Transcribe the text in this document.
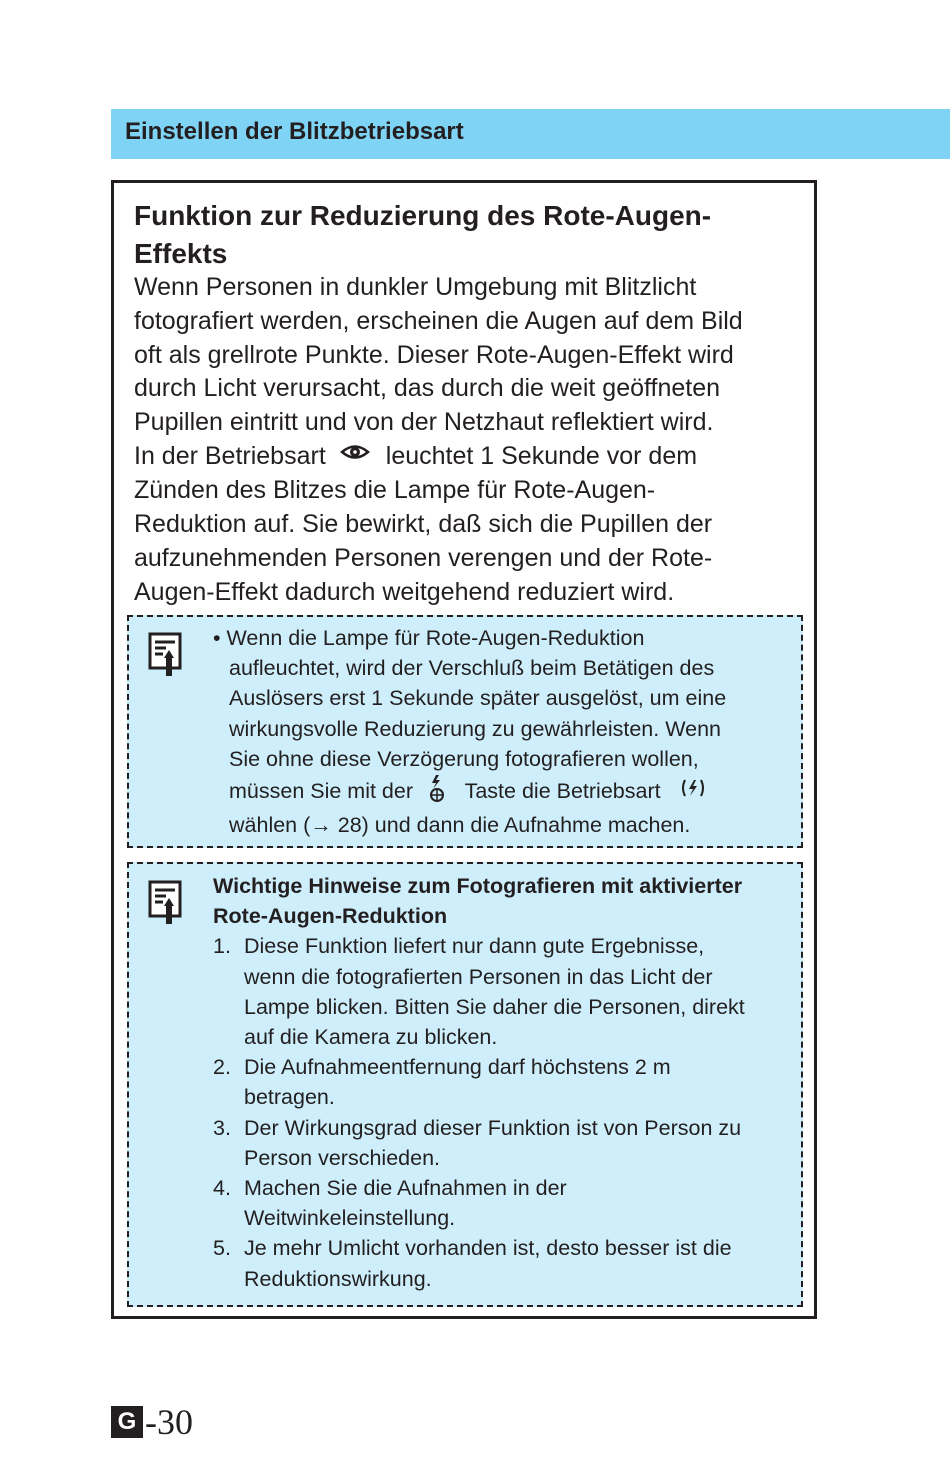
Einstellen der Blitzbetriebsart
Funktion zur Reduzierung des Rote-Augen-
Effekts
Wenn Personen in dunkler Umgebung mit Blitzlicht
fotografiert werden, erscheinen die Augen auf dem Bild
oft als grellrote Punkte. Dieser Rote-Augen-Effekt wird
durch Licht verursacht, das durch die weit geöffneten
Pupillen eintritt und von der Netzhaut reflektiert wird.
In der Betriebsart leuchtet 1 Sekunde vor dem
Zünden des Blitzes die Lampe für Rote-Augen-
Reduktion auf. Sie bewirkt, daß sich die Pupillen der
aufzunehmenden Personen verengen und der Rote-
Augen-Effekt dadurch weitgehend reduziert wird.
• Wenn die Lampe für Rote-Augen-Reduktion
aufleuchtet, wird der Verschluß beim Betätigen des
Auslösers erst 1 Sekunde später ausgelöst, um eine
wirkungsvolle Reduzierung zu gewährleisten. Wenn
Sie ohne diese Verzögerung fotografieren wollen,
müssen Sie mit der Taste die Betriebsart
wählen (→ 28) und dann die Aufnahme machen.
Wichtige Hinweise zum Fotografieren mit aktivierter
Rote-Augen-Reduktion
1. Diese Funktion liefert nur dann gute Ergebnisse,
wenn die fotografierten Personen in das Licht der
Lampe blicken. Bitten Sie daher die Personen, direkt
auf die Kamera zu blicken.
2. Die Aufnahmeentfernung darf höchstens 2 m
betragen.
3. Der Wirkungsgrad dieser Funktion ist von Person zu
Person verschieden.
4. Machen Sie die Aufnahmen in der
Weitwinkeleinstellung.
5. Je mehr Umlicht vorhanden ist, desto besser ist die
Reduktionswirkung.
G -30
